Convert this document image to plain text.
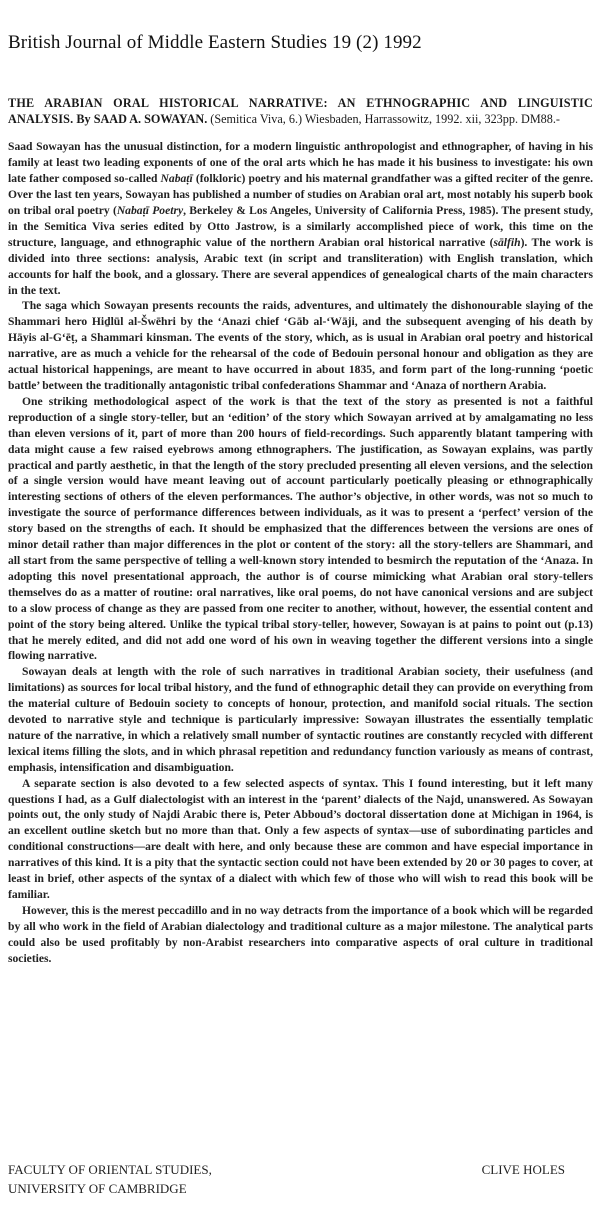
British Journal of Middle Eastern Studies 19 (2) 1992

THE ARABIAN ORAL HISTORICAL NARRATIVE: AN ETHNOGRAPHIC AND LINGUISTIC ANALYSIS. By SAAD A. SOWAYAN. (Semitica Viva, 6.) Wiesbaden, Harrassowitz, 1992. xii, 323pp. DM88.-

Saad Sowayan has the unusual distinction, for a modern linguistic anthropologist and ethnographer, of having in his family at least two leading exponents of one of the oral arts which he has made it his business to investigate: his own late father composed so-called Nabaṭī (folkloric) poetry and his maternal grandfather was a gifted reciter of the genre. Over the last ten years, Sowayan has published a number of studies on Arabian oral art, most notably his superb book on tribal oral poetry (Nabaṭī Poetry, Berkeley & Los Angeles, University of California Press, 1985). The present study, in the Semitica Viva series edited by Otto Jastrow, is a similarly accomplished piece of work, this time on the structure, language, and ethnographic value of the northern Arabian oral historical narrative (sālfih). The work is divided into three sections: analysis, Arabic text (in script and transliteration) with English translation, which accounts for half the book, and a glossary. There are several appendices of genealogical charts of the main characters in the text.

The saga which Sowayan presents recounts the raids, adventures, and ultimately the dishonourable slaying of the Shammari hero Hiḏlūl al-Šwēhri by the ‘Anazi chief ‘Gāb al-‘Wāji, and the subsequent avenging of his death by Hāyis al-G‘ēṭ, a Shammari kinsman. The events of the story, which, as is usual in Arabian oral poetry and historical narrative, are as much a vehicle for the rehearsal of the code of Bedouin personal honour and obligation as they are actual historical happenings, are meant to have occurred in about 1835, and form part of the long-running ‘poetic battle’ between the traditionally antagonistic tribal confederations Shammar and ‘Anaza of northern Arabia.

One striking methodological aspect of the work is that the text of the story as presented is not a faithful reproduction of a single story-teller, but an ‘edition’ of the story which Sowayan arrived at by amalgamating no less than eleven versions of it, part of more than 200 hours of field-recordings. Such apparently blatant tampering with data might cause a few raised eyebrows among ethnographers. The justification, as Sowayan explains, was partly practical and partly aesthetic, in that the length of the story precluded presenting all eleven versions, and the selection of a single version would have meant leaving out of account particularly poetically pleasing or ethnographically interesting sections of others of the eleven performances. The author’s objective, in other words, was not so much to investigate the source of performance differences between individuals, as it was to present a ‘perfect’ version of the story based on the strengths of each. It should be emphasized that the differences between the versions are ones of minor detail rather than major differences in the plot or content of the story: all the story-tellers are Shammari, and all start from the same perspective of telling a well-known story intended to besmirch the reputation of the ‘Anaza. In adopting this novel presentational approach, the author is of course mimicking what Arabian oral story-tellers themselves do as a matter of routine: oral narratives, like oral poems, do not have canonical versions and are subject to a slow process of change as they are passed from one reciter to another, without, however, the essential content and point of the story being altered. Unlike the typical tribal story-teller, however, Sowayan is at pains to point out (p.13) that he merely edited, and did not add one word of his own in weaving together the different versions into a single flowing narrative.

Sowayan deals at length with the role of such narratives in traditional Arabian society, their usefulness (and limitations) as sources for local tribal history, and the fund of ethnographic detail they can provide on everything from the material culture of Bedouin society to concepts of honour, protection, and manifold social rituals. The section devoted to narrative style and technique is particularly impressive: Sowayan illustrates the essentially templatic nature of the narrative, in which a relatively small number of syntactic routines are constantly recycled with different lexical items filling the slots, and in which phrasal repetition and redundancy function variously as means of contrast, emphasis, intensification and disambiguation.

A separate section is also devoted to a few selected aspects of syntax. This I found interesting, but it left many questions I had, as a Gulf dialectologist with an interest in the ‘parent’ dialects of the Najd, unanswered. As Sowayan points out, the only study of Najdi Arabic there is, Peter Abboud’s doctoral dissertation done at Michigan in 1964, is an excellent outline sketch but no more than that. Only a few aspects of syntax—use of subordinating particles and conditional constructions—are dealt with here, and only because these are common and have especial importance in narratives of this kind. It is a pity that the syntactic section could not have been extended by 20 or 30 pages to cover, at least in brief, other aspects of the syntax of a dialect with which few of those who will wish to read this book will be familiar.

However, this is the merest peccadillo and in no way detracts from the importance of a book which will be regarded by all who work in the field of Arabian dialectology and traditional culture as a major milestone. The analytical parts could also be used profitably by non-Arabist researchers into comparative aspects of oral culture in traditional societies.

FACULTY OF ORIENTAL STUDIES,
UNIVERSITY OF CAMBRIDGE
CLIVE HOLES
